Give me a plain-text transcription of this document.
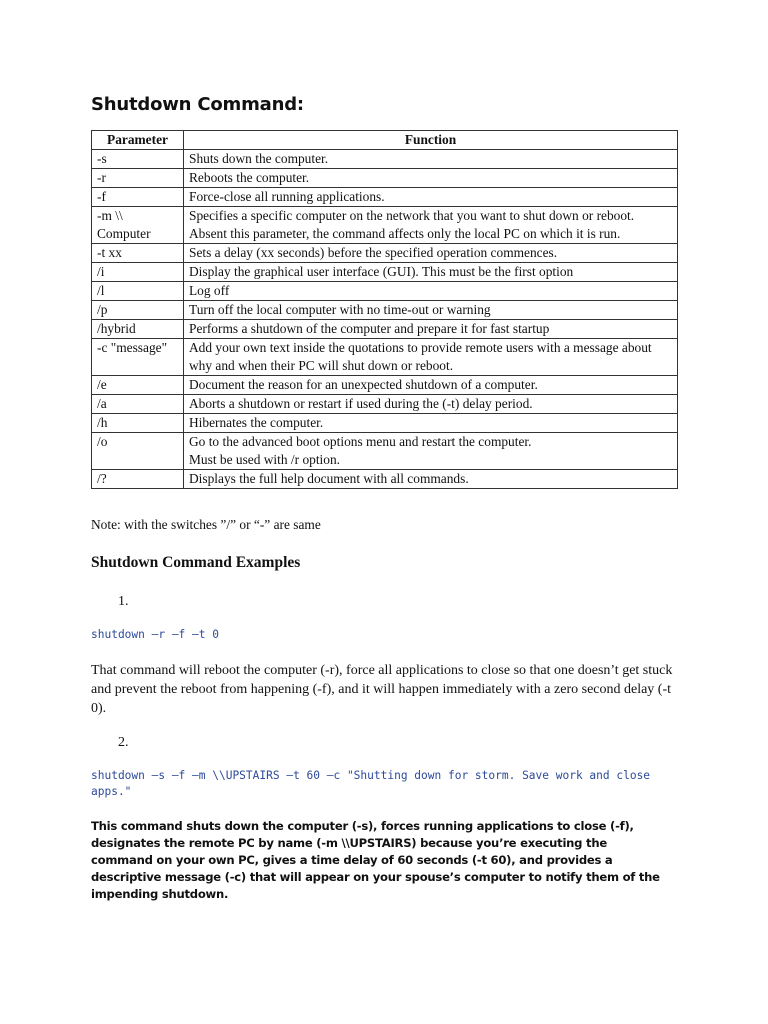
Shutdown Command:
Parameter	Function
-s	Shuts down the computer.
-r	Reboots the computer.
-f	Force-close all running applications.
-m \\ Computer	Specifies a specific computer on the network that you want to shut down or reboot. Absent this parameter, the command affects only the local PC on which it is run.
-t xx	Sets a delay (xx seconds) before the specified operation commences.
/i	Display the graphical user interface (GUI). This must be the first option
/l	Log off
/p	Turn off the local computer with no time-out or warning
/hybrid	Performs a shutdown of the computer and prepare it for fast startup
-c "message"	Add your own text inside the quotations to provide remote users with a message about why and when their PC will shut down or reboot.
/e	Document the reason for an unexpected shutdown of a computer.
/a	Aborts a shutdown or restart if used during the (-t) delay period.
/h	Hibernates the computer.
/o	Go to the advanced boot options menu and restart the computer.
Must be used with /r option.
/?	Displays the full help document with all commands.
Note: with the switches ”/” or “-” are same
Shutdown Command Examples
1.
shutdown –r –f –t 0
That command will reboot the computer (-r), force all applications to close so that one doesn’t get stuck and prevent the reboot from happening (-f), and it will happen immediately with a zero second delay (-t 0).
2.
shutdown –s –f –m \\UPSTAIRS –t 60 –c "Shutting down for storm. Save work and close apps."
This command shuts down the computer (-s), forces running applications to close (-f), designates the remote PC by name (-m \\UPSTAIRS) because you’re executing the command on your own PC, gives a time delay of 60 seconds (-t 60), and provides a descriptive message (-c) that will appear on your spouse’s computer to notify them of the impending shutdown.
